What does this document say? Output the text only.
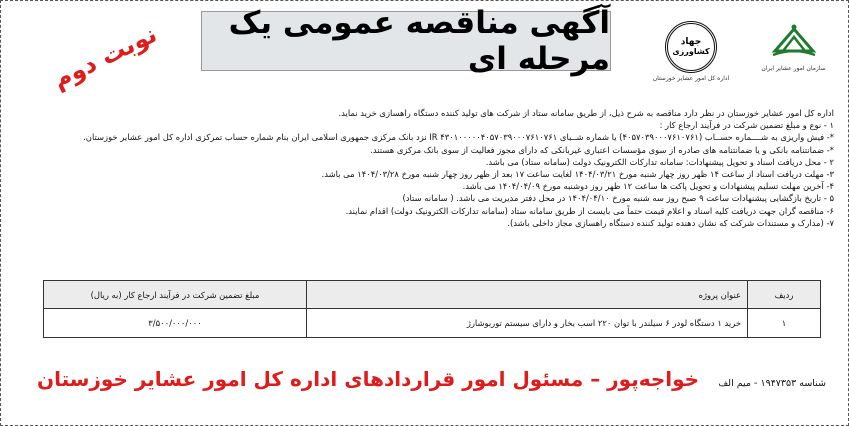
سازمان امور عشایر ایران
جهاد
کشاورزی
اداره کل امور عشایر خوزستان
آگهی مناقصه عمومی یک مرحله ای
نوبت دوم
اداره کل امور عشایر خوزستان در نظر دارد مناقصه به شرح ذیل، از طریق سامانه ستاد از شرکت های تولید کننده دستگاه راهسازی خرید نماید.
۱ - نوع و مبلغ تضمین شرکت در فرآیند ارجاع کار :
*- فیش واریزی به شــــماره حســاب (۴۰۵۷۰۳۹۰۰۰۷۶۱۰۷۶۱) یا شماره شــبای IR ۴۳۰۱۰۰۰۰۰۴۰۵۷۰۳۹۰۰۰۷۶۱۰۷۶۱ نزد بانک مرکزی جمهوری اسلامی ایران بنام شماره حساب تمرکزی اداره کل امور عشایر خوزستان.
*- ضمانتنامه بانکی و یا ضمانتنامه های صادره از سوی مؤسسات اعتباری غیربانکی که دارای مجوز فعالیت از سوی بانک مرکزی هستند.
۲ - محل دریافت اسناد و تحویل پیشنهادات: سامانه تدارکات الکترونیک دولت (سامانه ستاد) می باشد.
۳- مهلت دریافت اسناد از ساعت ۱۴ ظهر روز چهار شنبه مورخ ۱۴۰۴/۰۳/۲۱ لغایت ساعت ۱۷ بعد از ظهر روز چهار شنبه مورخ ۱۴۰۴/۰۳/۲۸ می باشد.
۴- آخرین مهلت تسلیم پیشنهادات و تحویل پاکت ها ساعت ۱۲ ظهر روز دوشنبه مورخ ۱۴۰۴/۰۴/۰۹ می باشد.
۵ - تاریخ بازگشایی پیشنهادات ساعت ۹ صبح روز سه شنبه مورخ ۱۴۰۴/۰۴/۱۰ در محل دفتر مدیریت می باشد. ( سامانه ستاد)
۶- مناقصه گران جهت دریافت کلیه اسناد و اعلام قیمت حتماً می بایست از طریق سامانه ستاد (سامانه تدارکات الکترونیک دولت) اقدام نمایند.
۷- (مدارک و مستندات شرکت که نشان دهنده تولید کننده دستگاه راهسازی مجاز داخلی باشد).
ردیف	عنوان پروژه	مبلغ تضمین شرکت در فرآیند ارجاع کار (به ریال)
۱	خرید ۱ دستگاه لودر ۶ سیلندر با توان ۲۲۰ اسب بخار و دارای سیستم توربوشارژ	۳/۵۰۰/۰۰۰/۰۰۰
شناسه ۱۹۴۷۳۵۳ - میم الف
خواجه‌پور – مسئول امور قراردادهای اداره کل امور عشایر خوزستان
